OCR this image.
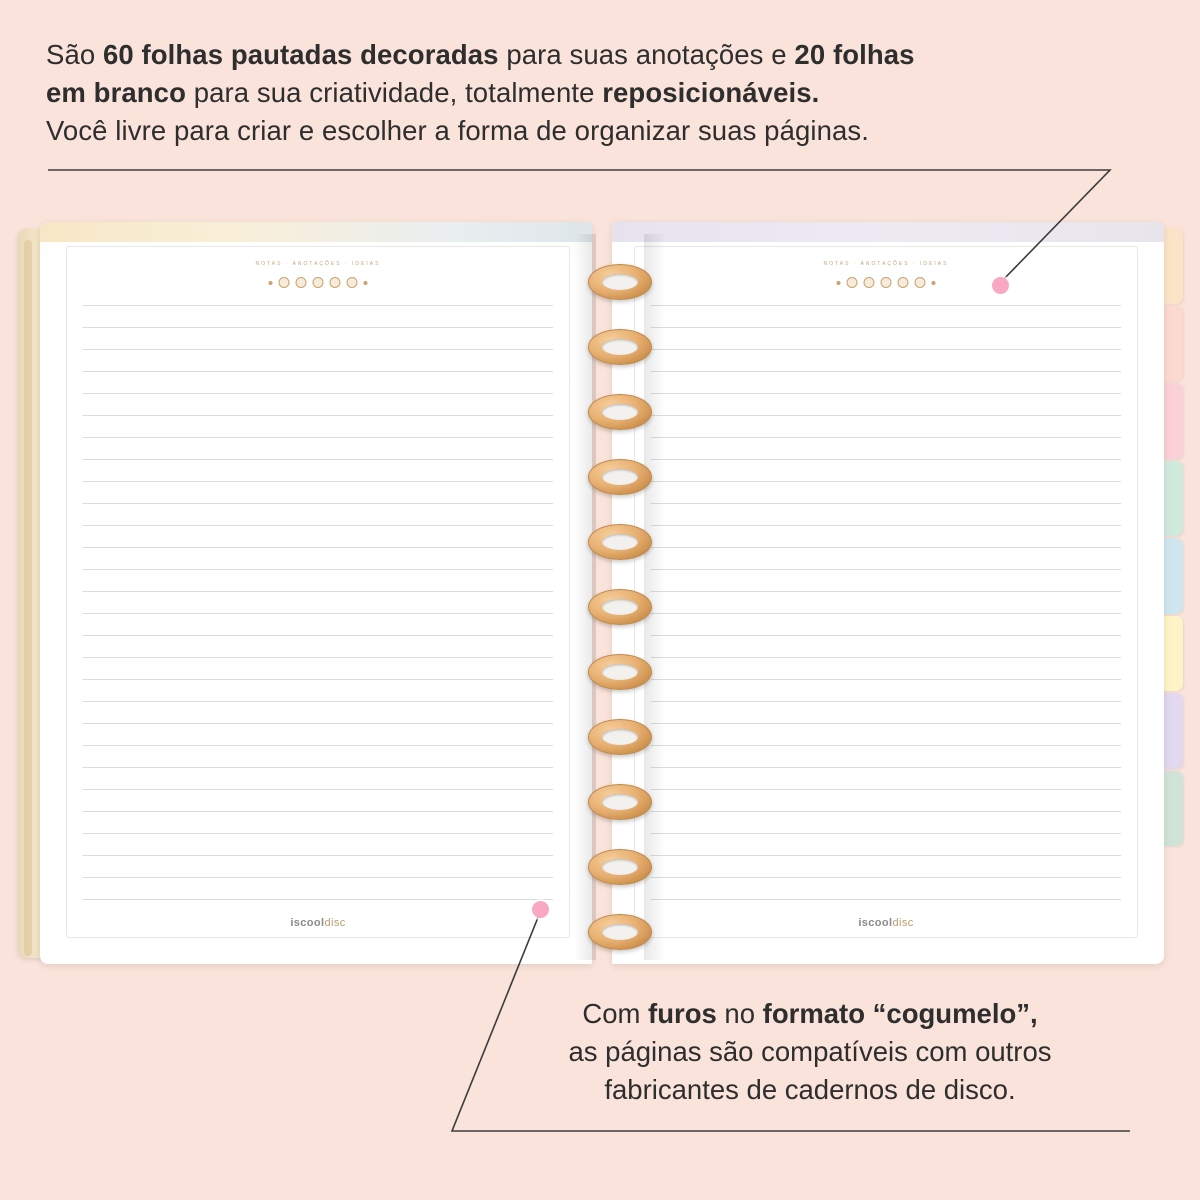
São 60 folhas pautadas decoradas para suas anotações e 20 folhas
em branco para sua criatividade, totalmente reposicionáveis.
Você livre para criar e escolher a forma de organizar suas páginas.
NOTAS · ANOTAÇÕES · IDEIAS
iscooldisc
NOTAS · ANOTAÇÕES · IDEIAS
iscooldisc
Com furos no formato “cogumelo”,
as páginas são compatíveis com outros
fabricantes de cadernos de disco.
